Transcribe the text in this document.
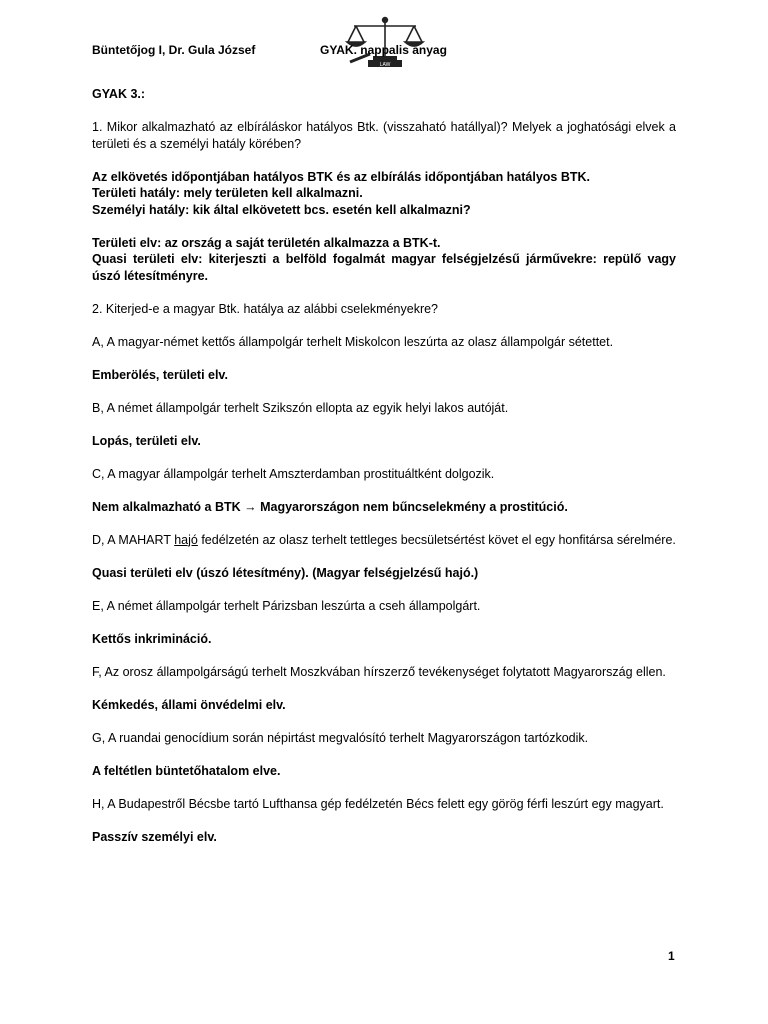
Büntetőjog I, Dr. Gula József
LAW
GYAK. nappalis anyag

GYAK 3.:

1. Mikor alkalmazható az elbíráláskor hatályos Btk. (visszaható hatállyal)? Melyek a joghatósági elvek a területi és a személyi hatály körében?

Az elkövetés időpontjában hatályos BTK és az elbírálás időpontjában hatályos BTK.

Területi hatály: mely területen kell alkalmazni.

Személyi hatály: kik által elkövetett bcs. esetén kell alkalmazni?

Területi elv: az ország a saját területén alkalmazza a BTK-t.

Quasi területi elv: kiterjeszti a belföld fogalmát magyar felségjelzésű járművekre: repülő vagy úszó létesítményre.

2. Kiterjed-e a magyar Btk. hatálya az alábbi cselekményekre?

A, A magyar-német kettős állampolgár terhelt Miskolcon leszúrta az olasz állampolgár sétettet.

Emberölés, területi elv.

B, A német állampolgár terhelt Szikszón ellopta az egyik helyi lakos autóját.

Lopás, területi elv.

C, A magyar állampolgár terhelt Amszterdamban prostituáltként dolgozik.

Nem alkalmazható a BTK → Magyarországon nem bűncselekmény a prostitúció.

D, A MAHART hajó fedélzetén az olasz terhelt tettleges becsületsértést követ el egy honfitársa sérelmére.

Quasi területi elv (úszó létesítmény). (Magyar felségjelzésű hajó.)

E, A német állampolgár terhelt Párizsban leszúrta a cseh állampolgárt.

Kettős inkrimináció.

F, Az orosz állampolgárságú terhelt Moszkvában hírszerző tevékenységet folytatott Magyarország ellen.

Kémkedés, állami önvédelmi elv.

G, A ruandai genocídium során népirtást megvalósító terhelt Magyarországon tartózkodik.

A feltétlen büntetőhatalom elve.

H, A Budapestről Bécsbe tartó Lufthansa gép fedélzetén Bécs felett egy görög férfi leszúrt egy magyart.

Passzív személyi elv.

1
